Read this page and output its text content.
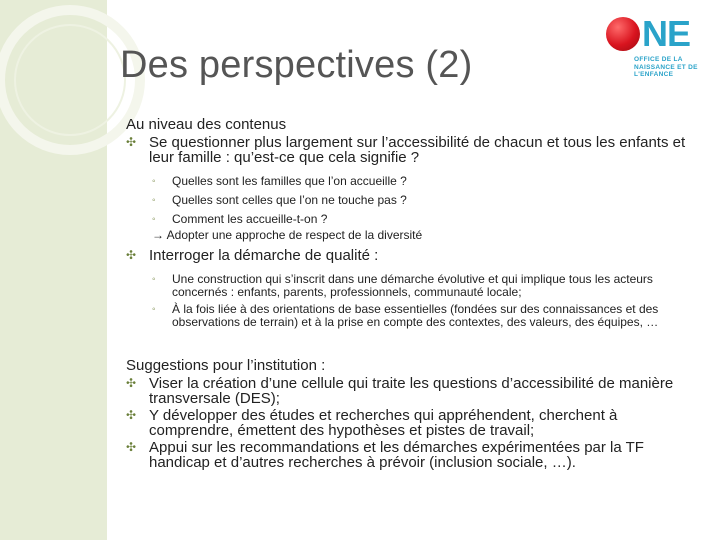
Des perspectives (2)
NE
OFFICE DE LA NAISSANCE ET DE L'ENFANCE

Au niveau des contenus

✣ Se questionner plus largement sur l’accessibilité de chacun et tous les enfants et leur famille : qu’est-ce que cela signifie ?
◦ Quelles sont les familles que l’on accueille ?
◦ Quelles sont celles que l’on ne touche pas ?
◦ Comment les accueille-t-on ?
→ Adopter une approche de respect de la diversité
✣ Interroger la démarche de qualité :
◦ Une construction qui s’inscrit dans une démarche évolutive et qui implique tous les acteurs concernés : enfants, parents, professionnels, communauté locale;
◦ À la fois liée à des orientations de base essentielles (fondées sur des connaissances et des observations de terrain) et à la prise en compte des contextes, des valeurs, des équipes, …

Suggestions pour l’institution :

✣ Viser la création d’une cellule qui traite les questions d’accessibilité de manière transversale (DES);
✣ Y développer des études et recherches qui appréhendent, cherchent à comprendre, émettent des hypothèses et pistes de travail;
✣ Appui sur les recommandations et les démarches expérimentées par la TF handicap et d’autres recherches à prévoir (inclusion sociale, …).
